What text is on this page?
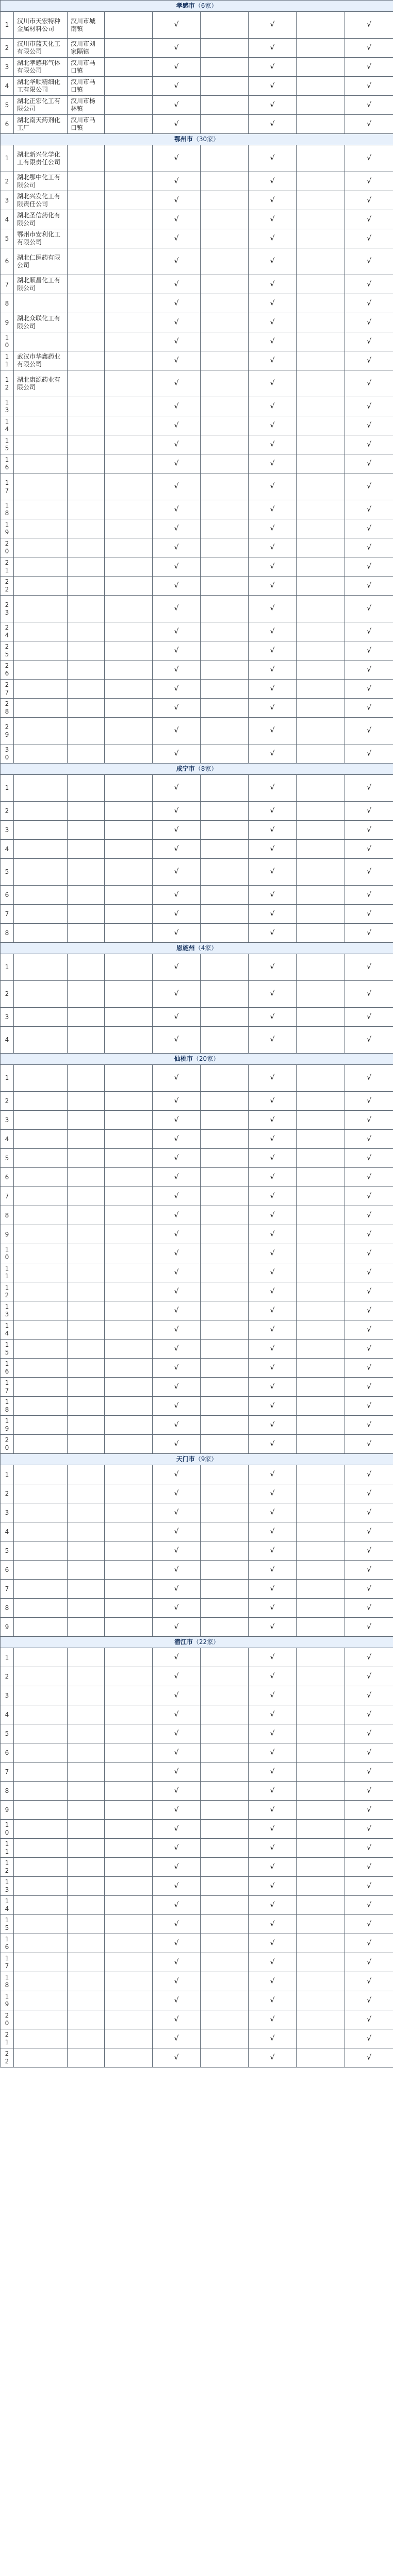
孝感市（6家）								
1	汉川市天宏特种金属材料公司	汉川市城南镇		√		√		√
2	汉川市蓝天化工有限公司	汉川市刘家隔镇		√		√		√
3	湖北孝感邦气体有限公司	汉川市马口镇		√		√		√
4	湖北华顺精细化工有限公司	汉川市马口镇		√		√		√
5	湖北正宏化工有限公司	汉川市杨林镇		√		√		√
6	湖北南天药剂化工厂	汉川市马口镇		√		√		√
鄂州市（30家）								
1	湖北新兴化学化工有限责任公司			√		√		√
2	湖北鄂中化工有限公司			√		√		√
3	湖北兴发化工有限责任公司			√		√		√
4	湖北圣信药化有限公司			√		√		√
5	鄂州市安利化工有限公司			√		√		√
6	湖北仁医药有限公司			√		√		√
7	湖北顺昌化工有限公司			√		√		√
8				√		√		√
9	湖北众联化工有限公司			√		√		√
10				√		√		√
11	武汉市华鑫药业有限公司			√		√		√
12	湖北康源药业有限公司			√		√		√
13				√		√		√
14				√		√		√
15				√		√		√
16				√		√		√
17				√		√		√
18				√		√		√
19				√		√		√
20				√		√		√
21				√		√		√
22				√		√		√
23				√		√		√
24				√		√		√
25				√		√		√
26				√		√		√
27				√		√		√
28				√		√		√
29				√		√		√
30				√		√		√
咸宁市（8家）								
1				√		√		√
2				√		√		√
3				√		√		√
4				√		√		√
5				√		√		√
6				√		√		√
7				√		√		√
8				√		√		√
恩施州（4家）								
1				√		√		√
2				√		√		√
3				√		√		√
4				√		√		√
仙桃市（20家）								
1				√		√		√
2				√		√		√
3				√		√		√
4				√		√		√
5				√		√		√
6				√		√		√
7				√		√		√
8				√		√		√
9				√		√		√
10				√		√		√
11				√		√		√
12				√		√		√
13				√		√		√
14				√		√		√
15				√		√		√
16				√		√		√
17				√		√		√
18				√		√		√
19				√		√		√
20				√		√		√
天门市（9家）								
1				√		√		√
2				√		√		√
3				√		√		√
4				√		√		√
5				√		√		√
6				√		√		√
7				√		√		√
8				√		√		√
9				√		√		√
潜江市（22家）								
1				√		√		√
2				√		√		√
3				√		√		√
4				√		√		√
5				√		√		√
6				√		√		√
7				√		√		√
8				√		√		√
9				√		√		√
10				√		√		√
11				√		√		√
12				√		√		√
13				√		√		√
14				√		√		√
15				√		√		√
16				√		√		√
17				√		√		√
18				√		√		√
19				√		√		√
20				√		√		√
21				√		√		√
22				√		√		√
